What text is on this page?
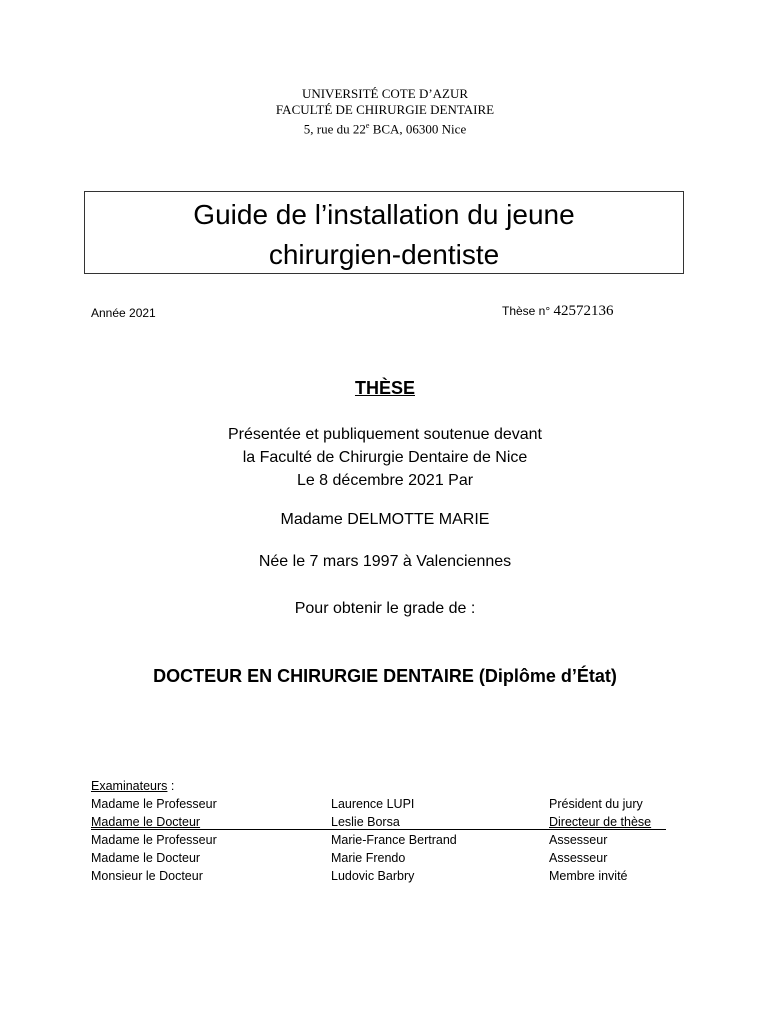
UNIVERSITÉ COTE D’AZUR
FACULTÉ DE CHIRURGIE DENTAIRE
5, rue du 22e BCA, 06300 Nice
Guide de l’installation du jeune
chirurgien-dentiste
Année 2021	Thèse n° 42572136
THÈSE
Présentée et publiquement soutenue devant
la Faculté de Chirurgie Dentaire de Nice
Le 8 décembre 2021 Par
Madame DELMOTTE MARIE
Née le 7 mars 1997 à Valenciennes
Pour obtenir le grade de :
DOCTEUR EN CHIRURGIE DENTAIRE (Diplôme d’État)
Examinateurs :
Madame le Professeur	Laurence LUPI	Président du jury
Madame le Docteur	Leslie Borsa	Directeur de thèse
Madame le Professeur	Marie-France Bertrand	Assesseur
Madame le Docteur	Marie Frendo	Assesseur
Monsieur le Docteur	Ludovic Barbry	Membre invité
